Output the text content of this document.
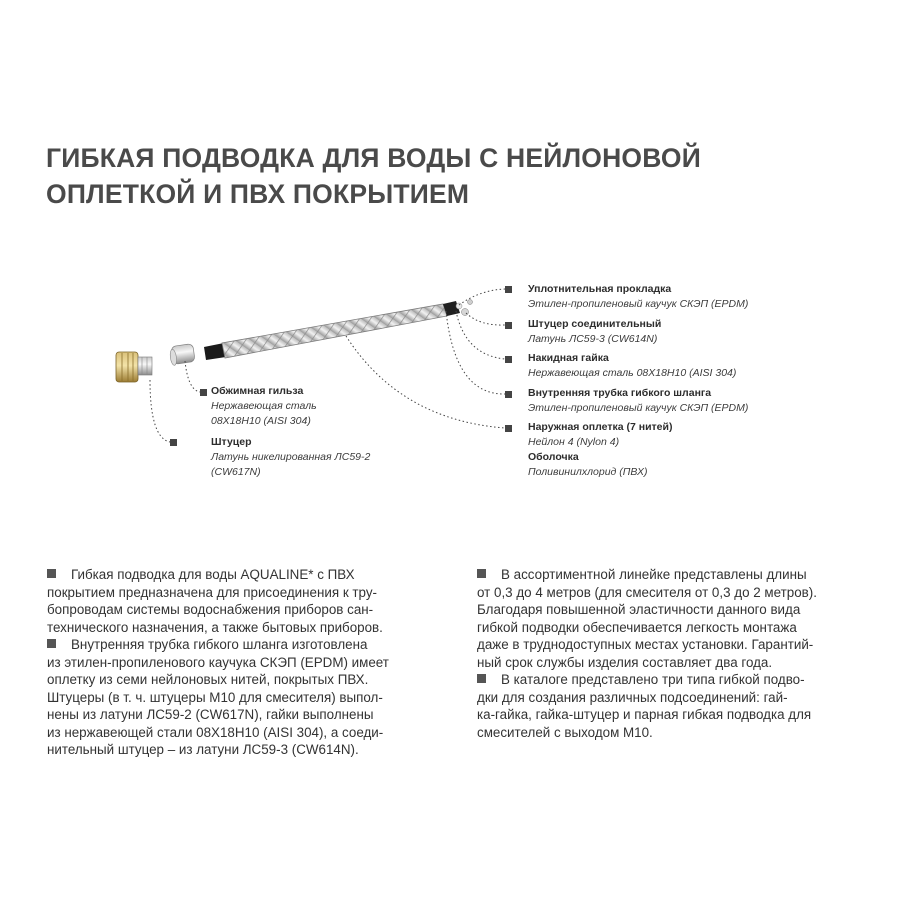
ГИБКАЯ ПОДВОДКА ДЛЯ ВОДЫ С НЕЙЛОНОВОЙ
ОПЛЕТКОЙ И ПВХ ПОКРЫТИЕМ
Уплотнительная прокладка
Этилен-пропиленовый каучук СКЭП (EPDM)
Штуцер соединительный
Латунь ЛС59-3 (CW614N)
Накидная гайка
Нержавеющая сталь 08Х18Н10 (AISI 304)
Внутренняя трубка гибкого шланга
Этилен-пропиленовый каучук СКЭП (EPDM)
Наружная оплетка (7 нитей)
Нейлон 4 (Nylon 4)
Оболочка
Поливинилхлорид (ПВХ)
Обжимная гильза
Нержавеющая сталь
08Х18Н10 (AISI 304)
Штуцер
Латунь никелированная ЛС59-2
(CW617N)

Гибкая подводка для воды AQUALINE* с ПВХ
покрытием предназначена для присоединения к тру-
бопроводам системы водоснабжения приборов сан-
технического назначения, а также бытовых приборов.

Внутренняя трубка гибкого шланга изготовлена
из этилен-пропиленового каучука СКЭП (EPDM) имеет
оплетку из семи нейлоновых нитей, покрытых ПВХ.
Штуцеры (в т. ч. штуцеры М10 для смесителя) выпол-
нены из латуни ЛС59-2 (CW617N), гайки выполнены
из нержавеющей стали 08Х18Н10 (AISI 304), а соеди-
нительный штуцер – из латуни ЛС59-3 (CW614N).

В ассортиментной линейке представлены длины
от 0,3 до 4 метров (для смесителя от 0,3 до 2 метров).
Благодаря повышенной эластичности данного вида
гибкой подводки обеспечивается легкость монтажа
даже в труднодоступных местах установки. Гарантий-
ный срок службы изделия составляет два года.

В каталоге представлено три типа гибкой подво-
дки для создания различных подсоединений: гай-
ка-гайка, гайка-штуцер и парная гибкая подводка для
смесителей с выходом М10.
